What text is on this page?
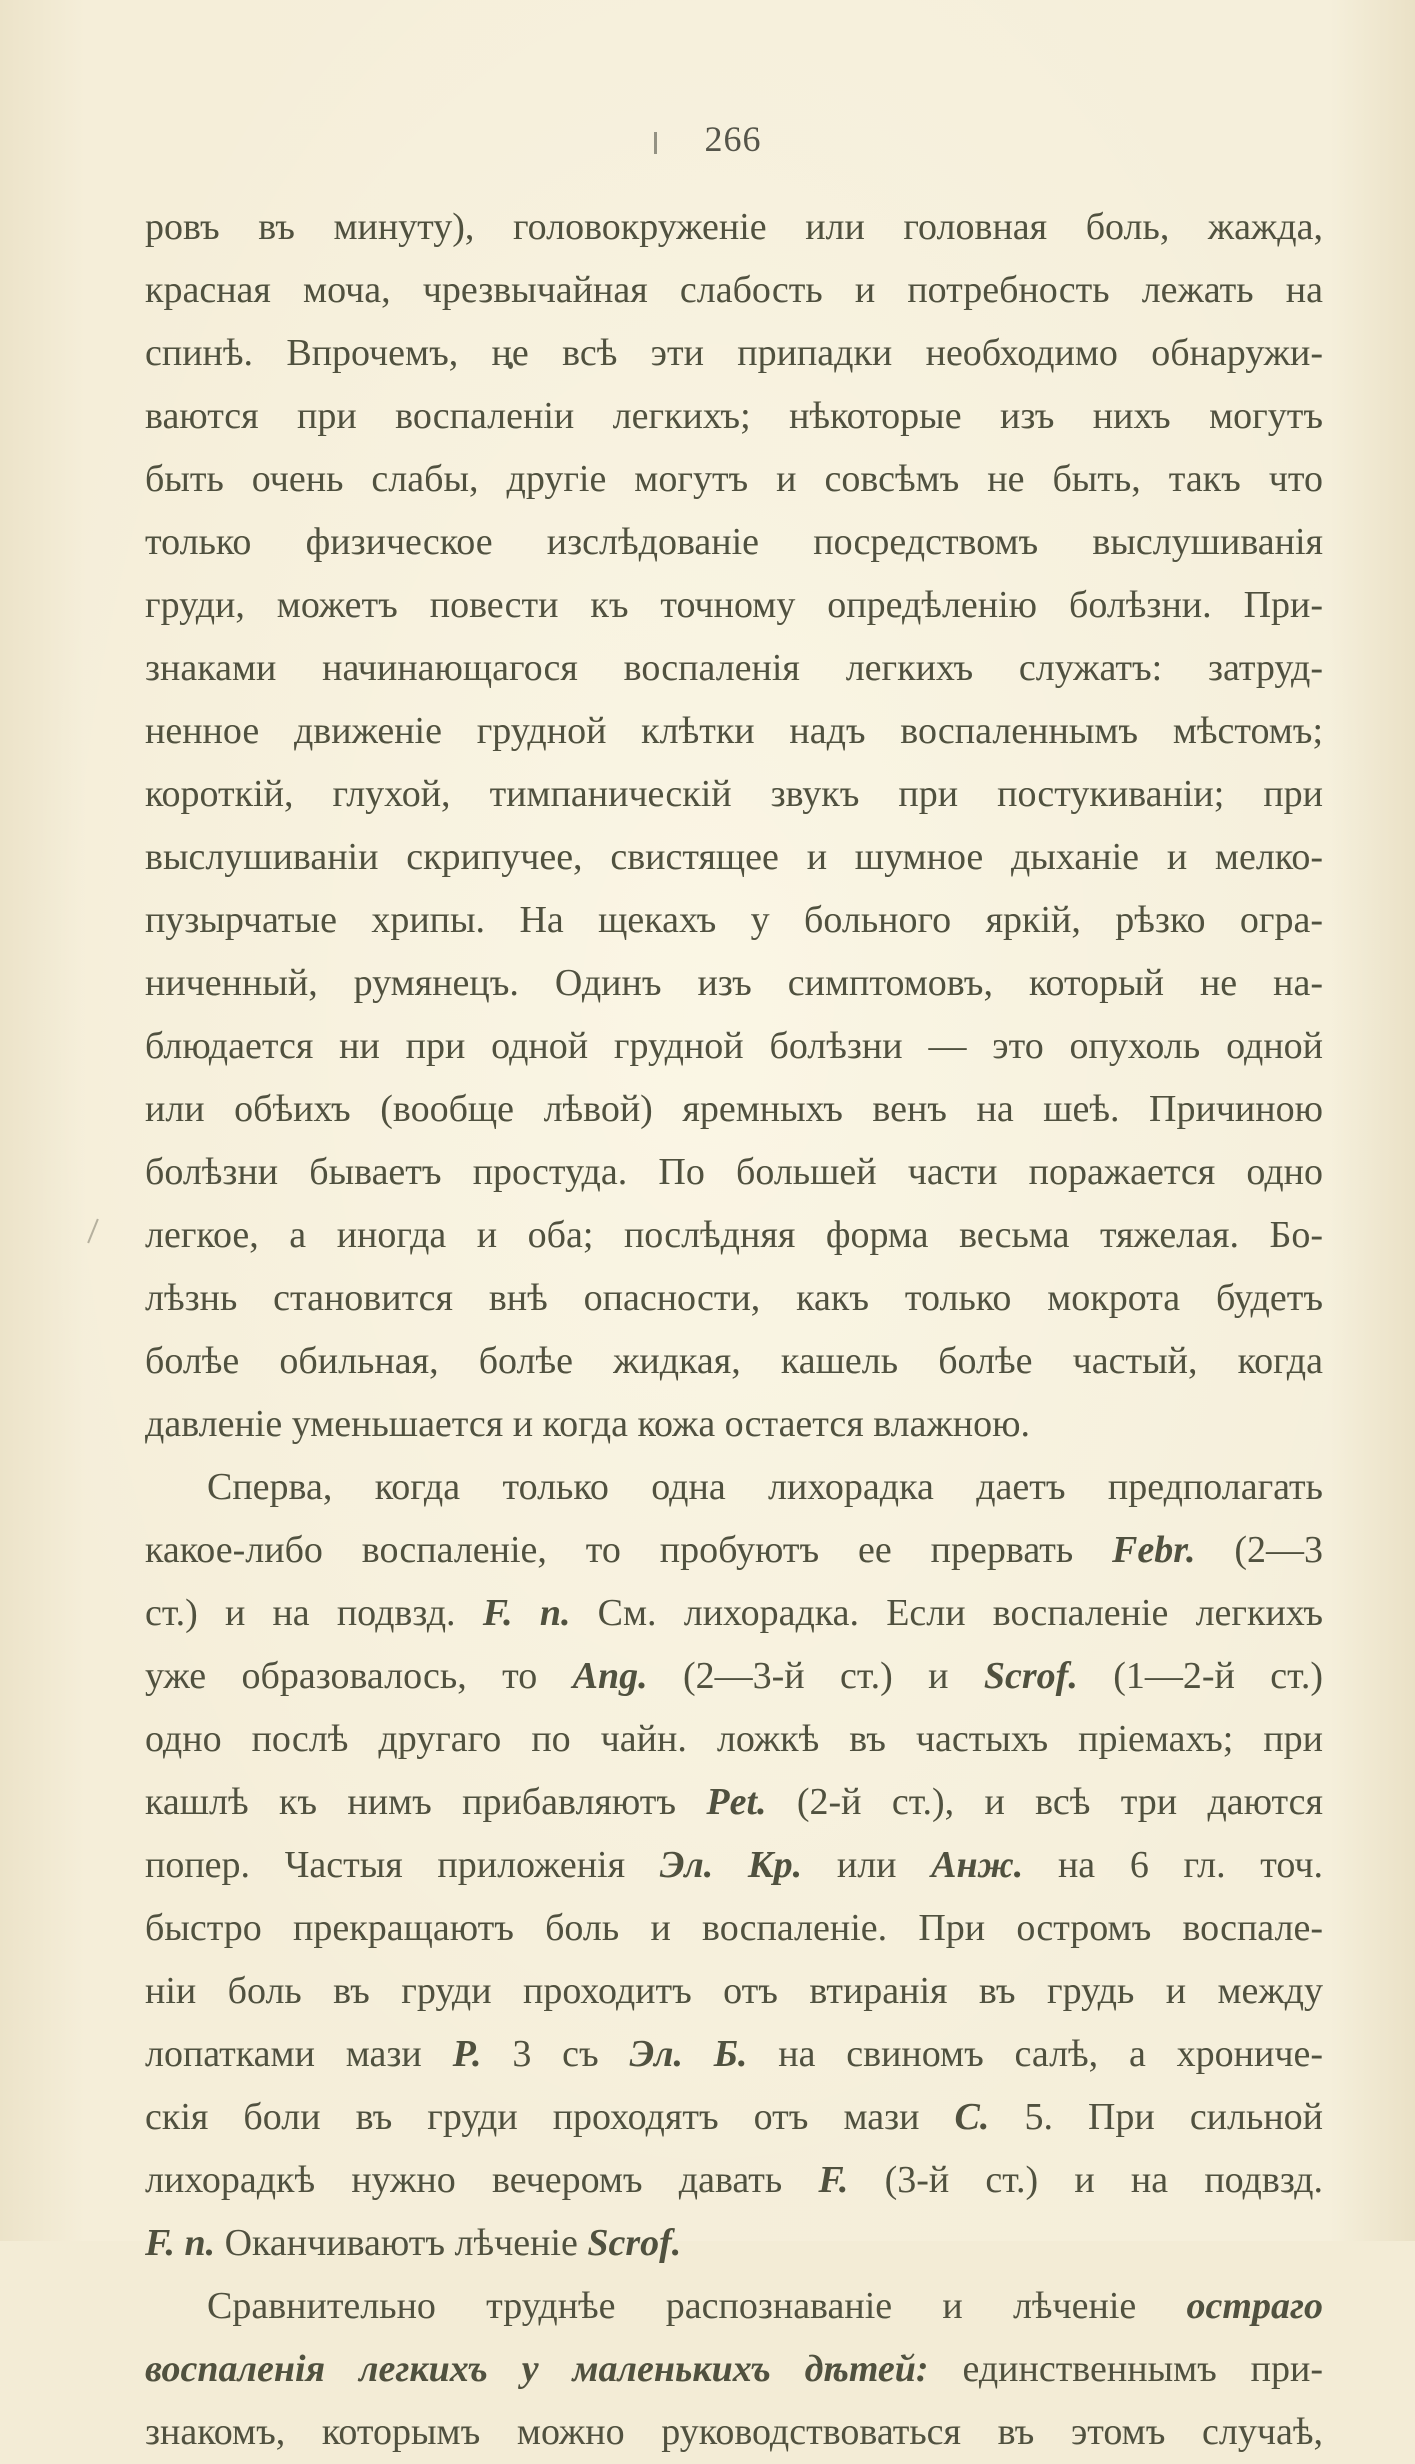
266
ровъ въ минуту), головокруженіе или головная боль, жажда,
красная моча, чрезвычайная слабость и потребность лежать на
спинѣ. Впрочемъ, не всѣ эти припадки необходимо обнаружи-
ваются при воспаленіи легкихъ; нѣкоторые изъ нихъ могутъ
быть очень слабы, другіе могутъ и совсѣмъ не быть, такъ что
только физическое изслѣдованіе посредствомъ выслушиванія
груди, можетъ повести къ точному опредѣленію болѣзни. При-
знаками начинающагося воспаленія легкихъ служатъ: затруд-
ненное движеніе грудной клѣтки надъ воспаленнымъ мѣстомъ;
короткій, глухой, тимпаническій звукъ при постукиваніи; при
выслушиваніи скрипучее, свистящее и шумное дыханіе и мелко-
пузырчатые хрипы. На щекахъ у больного яркій, рѣзко огра-
ниченный, румянецъ. Одинъ изъ симптомовъ, который не на-
блюдается ни при одной грудной болѣзни — это опухоль одной
или обѣихъ (вообще лѣвой) яремныхъ венъ на шеѣ. Причиною
болѣзни бываетъ простуда. По большей части поражается одно
легкое, а иногда и оба; послѣдняя форма весьма тяжелая. Бо-
лѣзнь становится внѣ опасности, какъ только мокрота будетъ
болѣе обильная, болѣе жидкая, кашель болѣе частый, когда
давленіе уменьшается и когда кожа остается влажною.
Сперва, когда только одна лихорадка даетъ предполагать
какое-либо воспаленіе, то пробуютъ ее прервать Febr. (2—3
ст.) и на подвзд. F. n. См. лихорадка. Если воспаленіе легкихъ
уже образовалось, то Ang. (2—3-й ст.) и Scrof. (1—2-й ст.)
одно послѣ другаго по чайн. ложкѣ въ частыхъ пріемахъ; при
кашлѣ къ нимъ прибавляютъ Pet. (2-й ст.), и всѣ три даются
попер. Частыя приложенія Эл. Кр. или Анж. на 6 гл. точ.
быстро прекращаютъ боль и воспаленіе. При остромъ воспале-
ніи боль въ груди проходитъ отъ втиранія въ грудь и между
лопатками мази Р. 3 съ Эл. Б. на свиномъ салѣ, а хрониче-
скія боли въ груди проходятъ отъ мази С. 5. При сильной
лихорадкѣ нужно вечеромъ давать F. (3-й ст.) и на подвзд.
F. n. Оканчиваютъ лѣченіе Scrof.
Сравнительно труднѣе распознаваніе и лѣченіе остраго
воспаленія легкихъ у маленькихъ дѣтей: единственнымъ при-
знакомъ, которымъ можно руководствоваться въ этомъ случаѣ,
